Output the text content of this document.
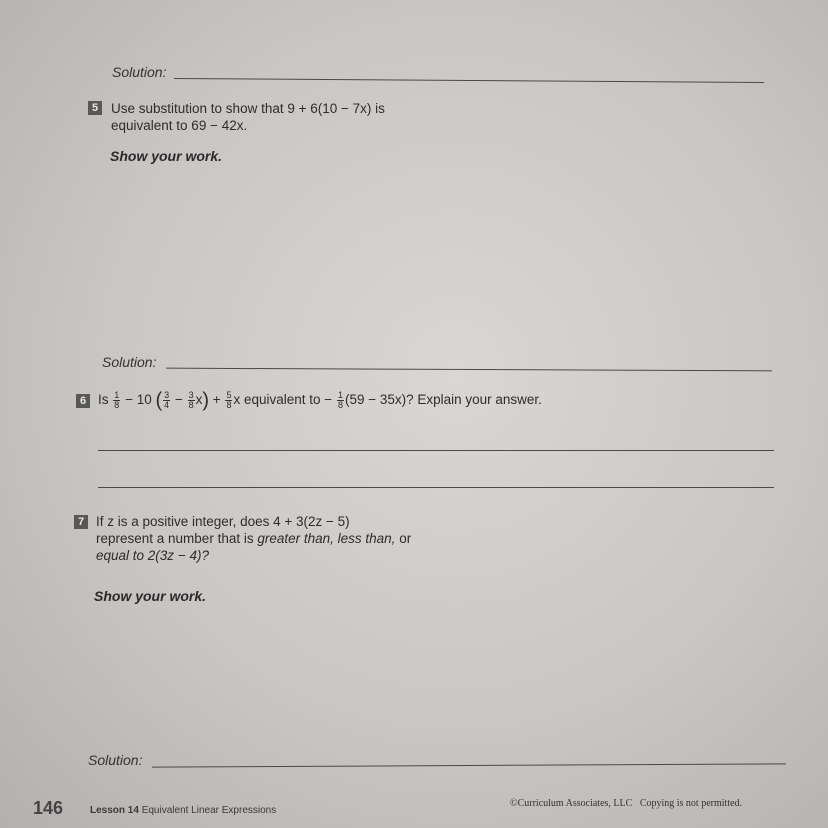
Solution:
5 Use substitution to show that 9 + 6(10 − 7x) is
equivalent to 69 − 42x.
Show your work.
Solution:
6 Is $\frac{1}{8} - 10$ ( $\frac{3}{4} - \frac{3}{8} x) + \frac{5}{8}$ x equivalent to − $\frac{1}{8} (59 - 35x)$? Explain your answer.
7 If z is a positive integer, does 4 + 3(2z − 5)
represent a number that is greater than, less than, or
equal to 2(3z − 4)?
Show your work.
Solution:
146	Lesson 14 Equivalent Linear Expressions
©Curriculum Associates, LLC Copying is not permitted.
